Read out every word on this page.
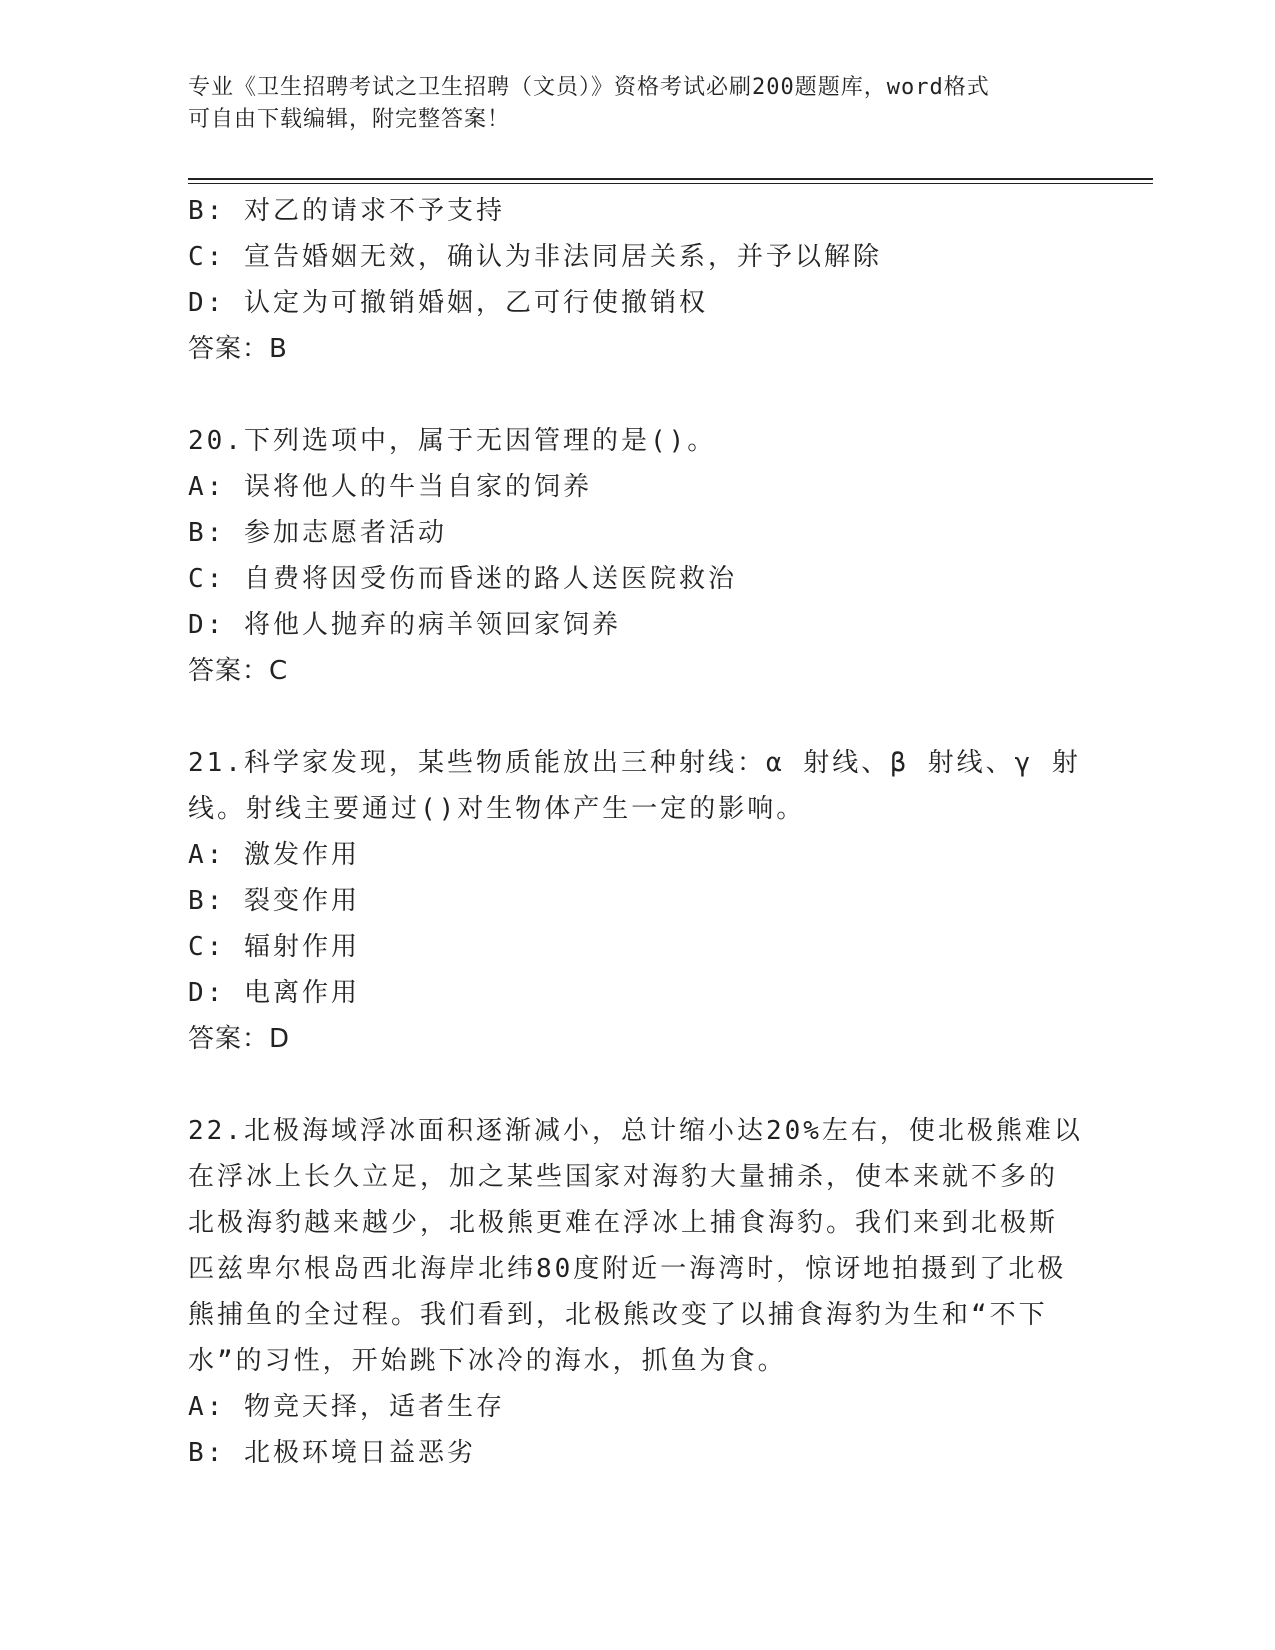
专业《卫生招聘考试之卫生招聘（文员）》资格考试必刷200题题库，word格式
可自由下载编辑，附完整答案！
B: 对乙的请求不予支持
C: 宣告婚姻无效，确认为非法同居关系，并予以解除
D: 认定为可撤销婚姻，乙可行使撤销权
答案：B
20.下列选项中，属于无因管理的是()。
A: 误将他人的牛当自家的饲养
B: 参加志愿者活动
C: 自费将因受伤而昏迷的路人送医院救治
D: 将他人抛弃的病羊领回家饲养
答案：C
21.科学家发现，某些物质能放出三种射线：α 射线、β 射线、γ 射
线。射线主要通过()对生物体产生一定的影响。
A: 激发作用
B: 裂变作用
C: 辐射作用
D: 电离作用
答案：D
22.北极海域浮冰面积逐渐减小，总计缩小达20%左右，使北极熊难以
在浮冰上长久立足，加之某些国家对海豹大量捕杀，使本来就不多的
北极海豹越来越少，北极熊更难在浮冰上捕食海豹。我们来到北极斯
匹兹卑尔根岛西北海岸北纬80度附近一海湾时，惊讶地拍摄到了北极
熊捕鱼的全过程。我们看到，北极熊改变了以捕食海豹为生和“不下
水”的习性，开始跳下冰冷的海水，抓鱼为食。
A: 物竞天择，适者生存
B: 北极环境日益恶劣
